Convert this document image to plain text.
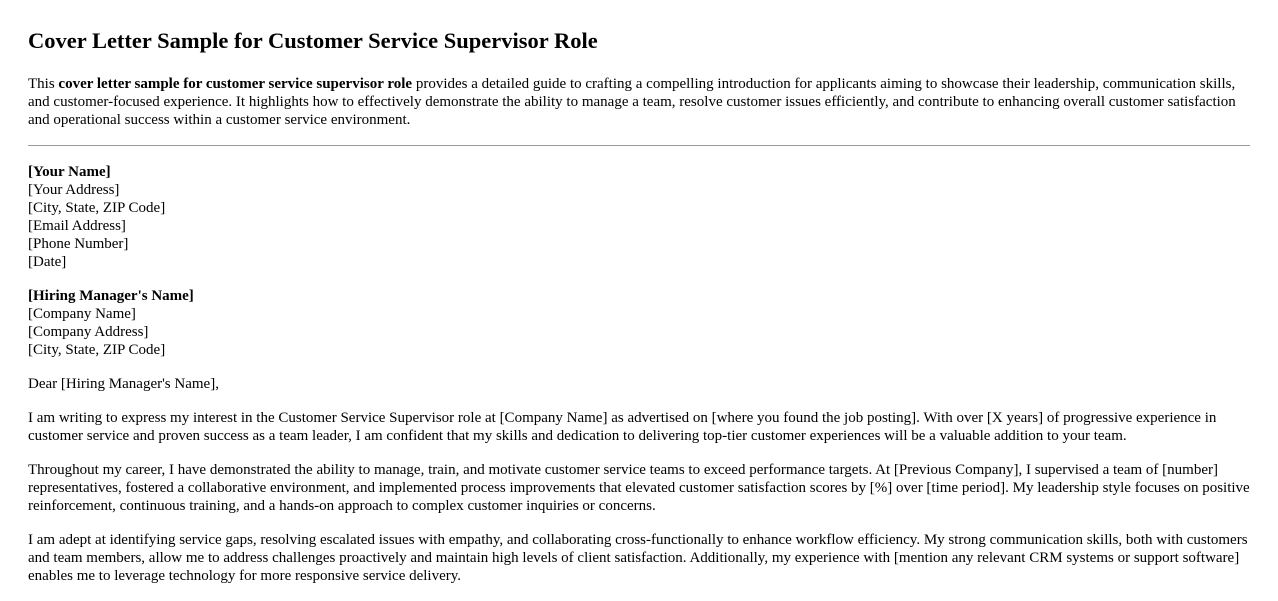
Cover Letter Sample for Customer Service Supervisor Role

This cover letter sample for customer service supervisor role provides a detailed guide to crafting a compelling introduction for applicants aiming to showcase their leadership, communication skills, and customer-focused experience. It highlights how to effectively demonstrate the ability to manage a team, resolve customer issues efficiently, and contribute to enhancing overall customer satisfaction and operational success within a customer service environment.

[Your Name]
[Your Address]
[City, State, ZIP Code]
[Email Address]
[Phone Number]
[Date]
[Hiring Manager's Name]
[Company Name]
[Company Address]
[City, State, ZIP Code]

Dear [Hiring Manager's Name],

I am writing to express my interest in the Customer Service Supervisor role at [Company Name] as advertised on [where you found the job posting]. With over [X years] of progressive experience in customer service and proven success as a team leader, I am confident that my skills and dedication to delivering top-tier customer experiences will be a valuable addition to your team.

Throughout my career, I have demonstrated the ability to manage, train, and motivate customer service teams to exceed performance targets. At [Previous Company], I supervised a team of [number] representatives, fostered a collaborative environment, and implemented process improvements that elevated customer satisfaction scores by [%] over [time period]. My leadership style focuses on positive reinforcement, continuous training, and a hands-on approach to complex customer inquiries or concerns.

I am adept at identifying service gaps, resolving escalated issues with empathy, and collaborating cross-functionally to enhance workflow efficiency. My strong communication skills, both with customers and team members, allow me to address challenges proactively and maintain high levels of client satisfaction. Additionally, my experience with [mention any relevant CRM systems or support software] enables me to leverage technology for more responsive service delivery.
